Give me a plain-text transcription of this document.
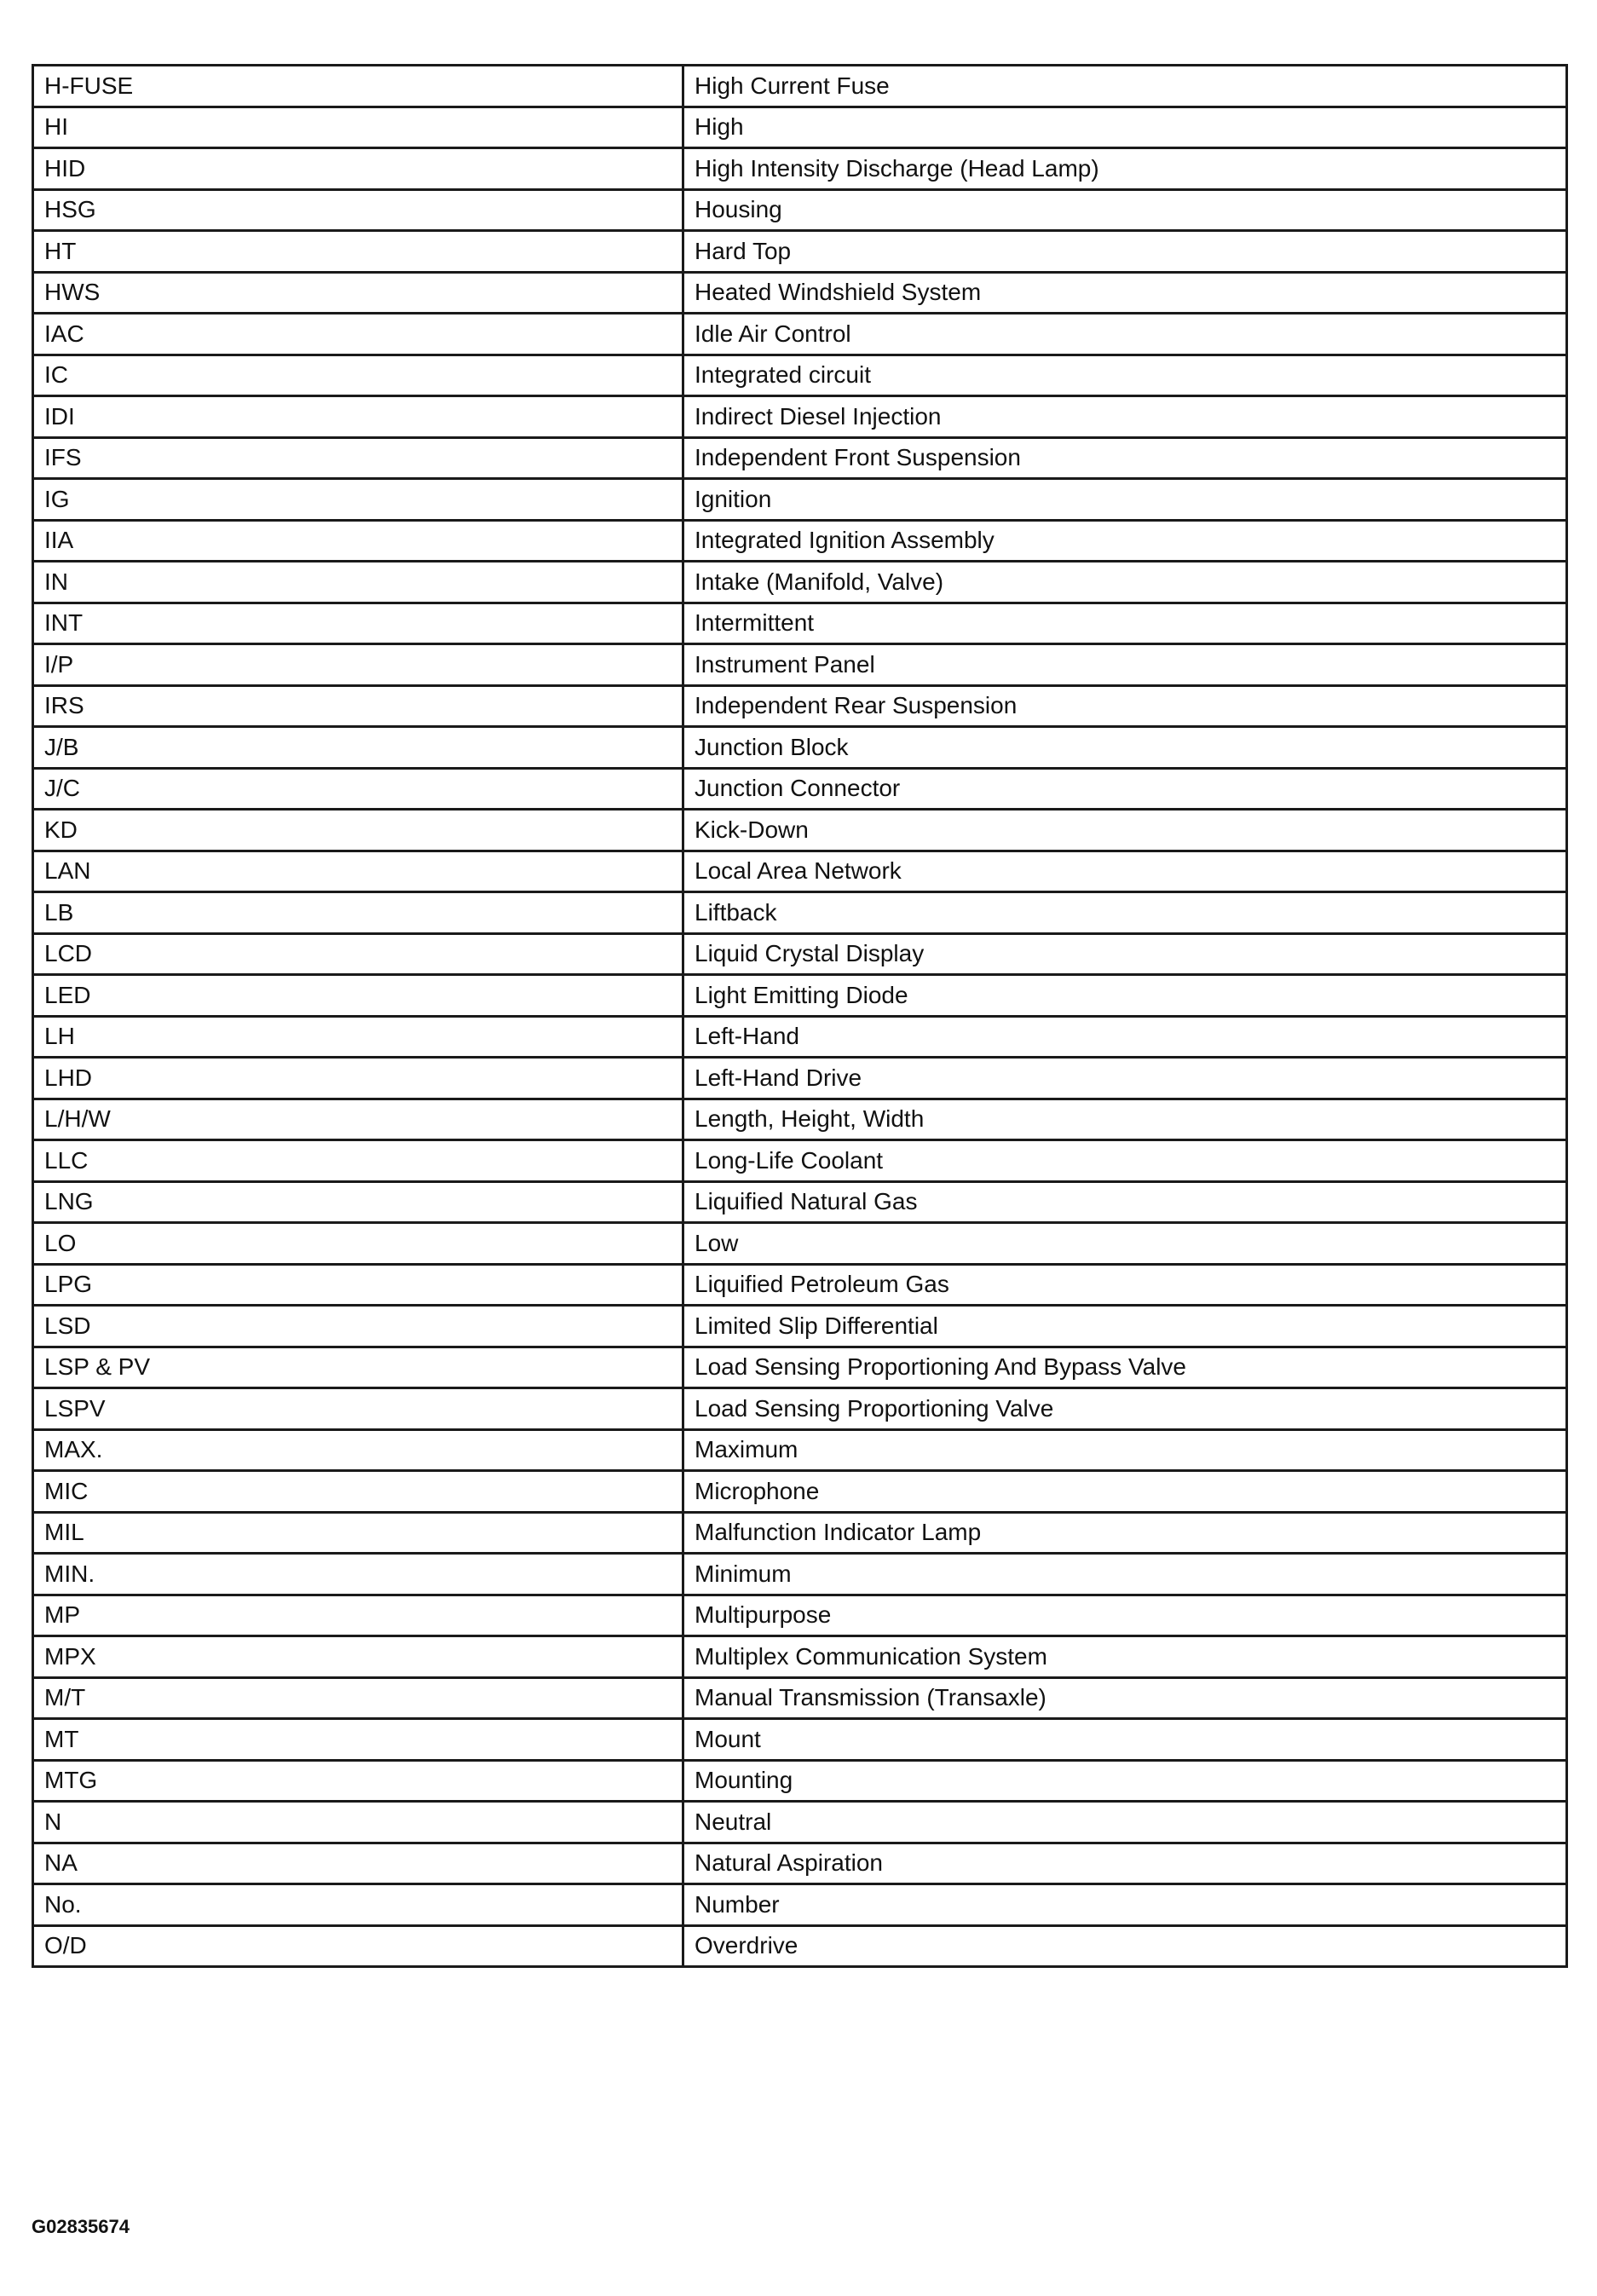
H-FUSE	High Current Fuse
HI	High
HID	High Intensity Discharge (Head Lamp)
HSG	Housing
HT	Hard Top
HWS	Heated Windshield System
IAC	Idle Air Control
IC	Integrated circuit
IDI	Indirect Diesel Injection
IFS	Independent Front Suspension
IG	Ignition
IIA	Integrated Ignition Assembly
IN	Intake (Manifold, Valve)
INT	Intermittent
I/P	Instrument Panel
IRS	Independent Rear Suspension
J/B	Junction Block
J/C	Junction Connector
KD	Kick-Down
LAN	Local Area Network
LB	Liftback
LCD	Liquid Crystal Display
LED	Light Emitting Diode
LH	Left-Hand
LHD	Left-Hand Drive
L/H/W	Length, Height, Width
LLC	Long-Life Coolant
LNG	Liquified Natural Gas
LO	Low
LPG	Liquified Petroleum Gas
LSD	Limited Slip Differential
LSP & PV	Load Sensing Proportioning And Bypass Valve
LSPV	Load Sensing Proportioning Valve
MAX.	Maximum
MIC	Microphone
MIL	Malfunction Indicator Lamp
MIN.	Minimum
MP	Multipurpose
MPX	Multiplex Communication System
M/T	Manual Transmission (Transaxle)
MT	Mount
MTG	Mounting
N	Neutral
NA	Natural Aspiration
No.	Number
O/D	Overdrive
G02835674
